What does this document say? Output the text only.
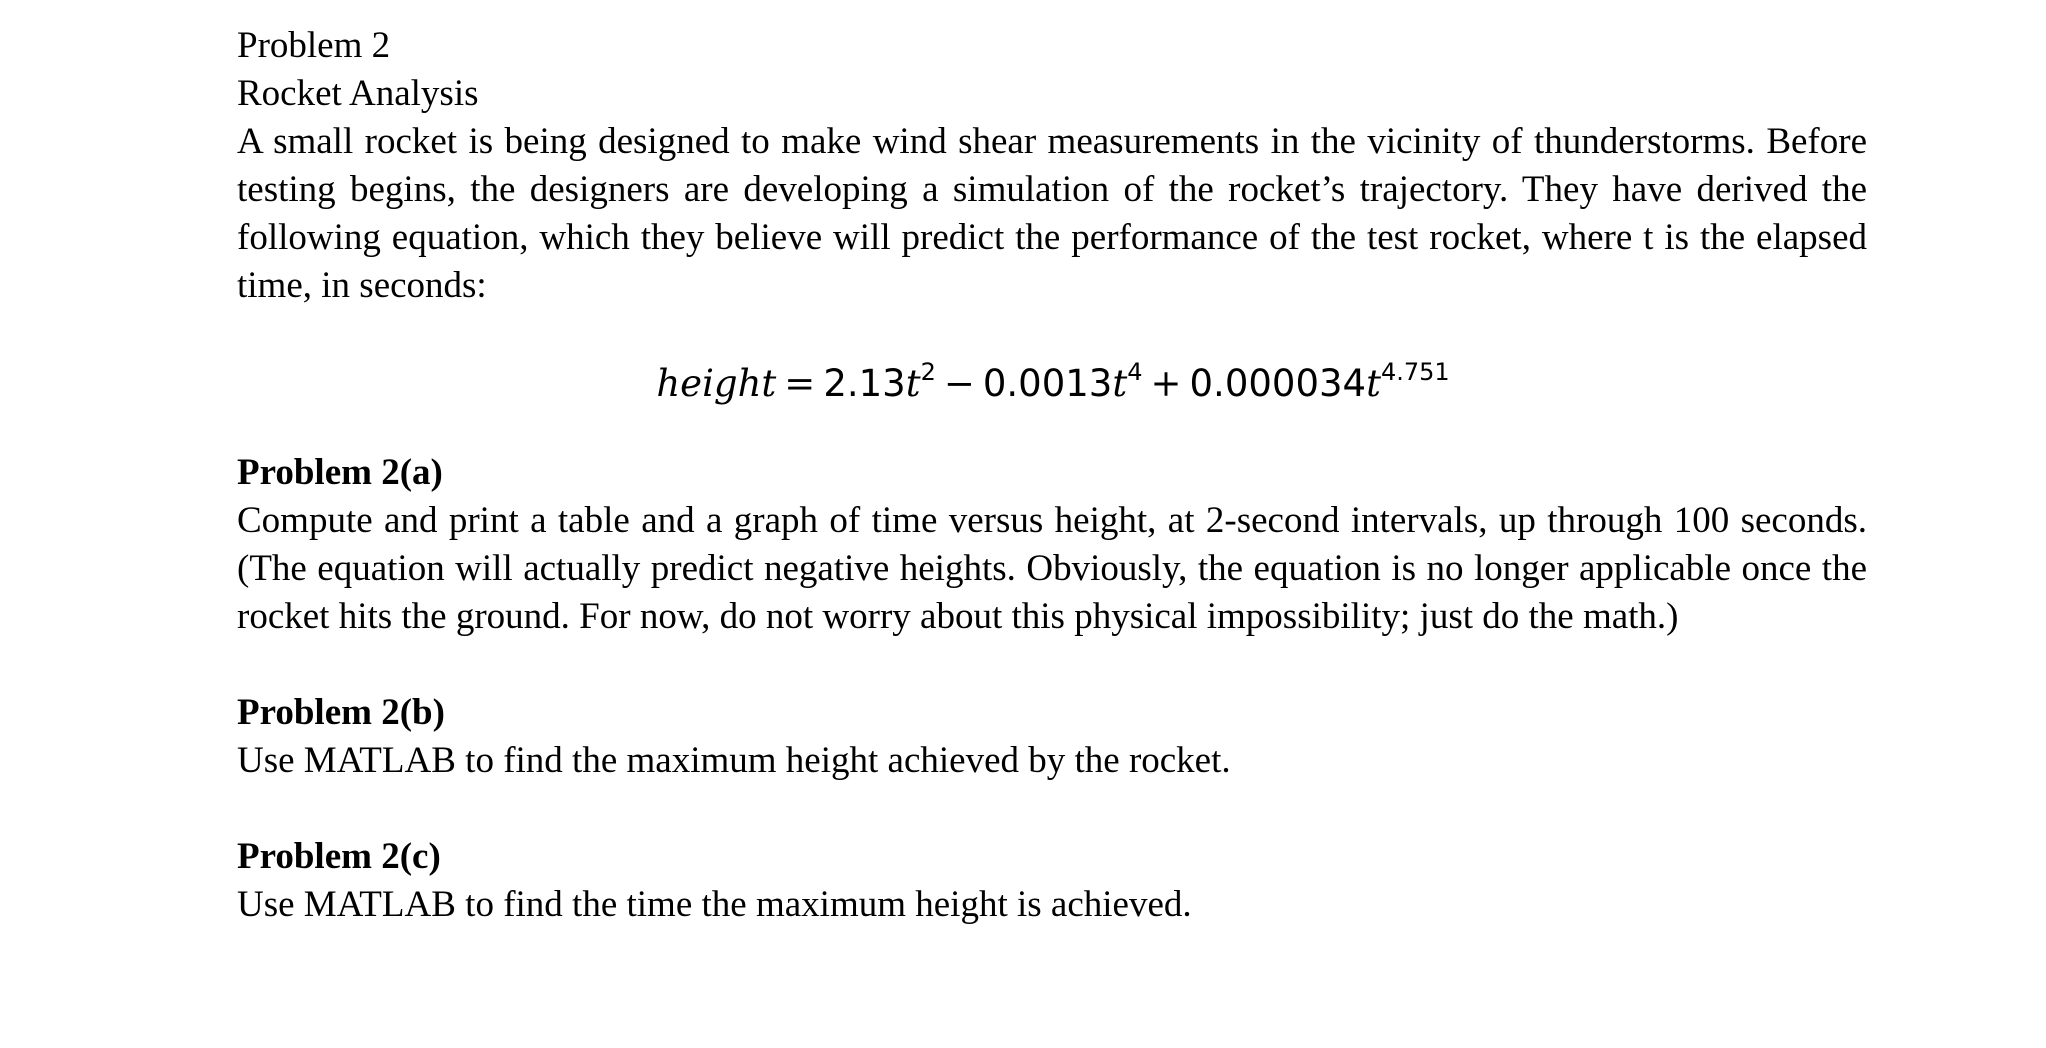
Problem 2

Rocket Analysis

A small rocket is being designed to make wind shear measurements in the vicinity of thunderstorms. Before testing begins, the designers are developing a simulation of the rocket’s trajectory. They have derived the following equation, which they believe will predict the performance of the test rocket, where t is the elapsed time, in seconds:

height = $2.13t^2 - 0.0013t^4 + 0.000034t^{4.751}$

Problem 2(a)

Compute and print a table and a graph of time versus height, at 2-second intervals, up through 100 seconds. (The equation will actually predict negative heights. Obviously, the equation is no longer applicable once the rocket hits the ground. For now, do not worry about this physical impossibility; just do the math.)

Problem 2(b)

Use MATLAB to find the maximum height achieved by the rocket.

Problem 2(c)

Use MATLAB to find the time the maximum height is achieved.
